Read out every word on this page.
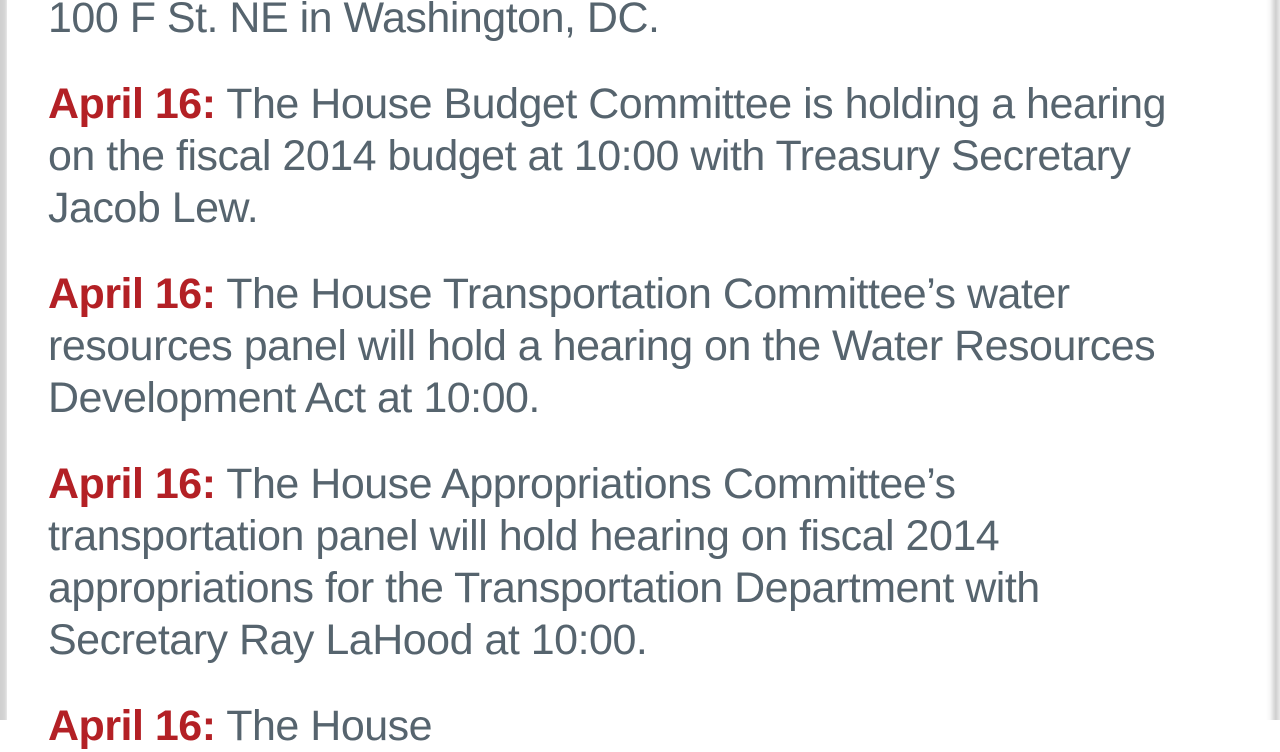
100 F St. NE in Washington, DC.

April 16: The House Budget Committee is holding a hearing on the fiscal 2014 budget at 10:00 with Treasury Secretary Jacob Lew.

April 16: The House Transportation Committee’s water resources panel will hold a hearing on the Water Resources Development Act at 10:00.

April 16: The House Appropriations Committee’s transportation panel will hold hearing on fiscal 2014 appropriations for the Transportation Department with Secretary Ray LaHood at 10:00.

April 16: The House
